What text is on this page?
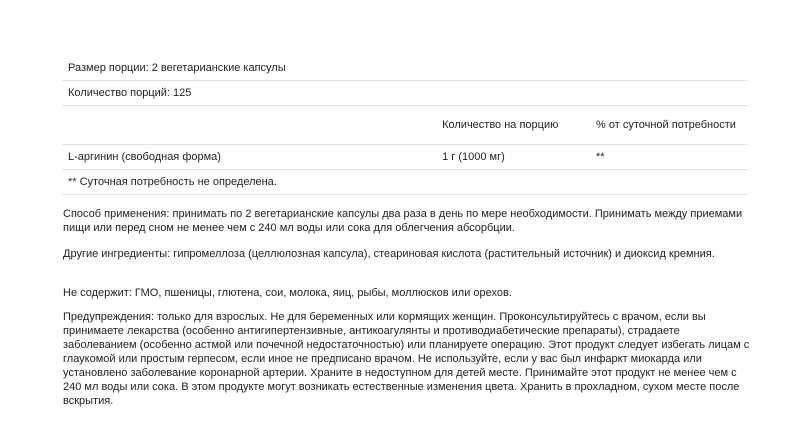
Размер порции: 2 вегетарианские капсулы		
Количество порций: 125		
	Количество на порцию	% от суточной потребности
L-аргинин (свободная форма)	1 г (1000 мг)	**
** Суточная потребность не определена.		

Способ применения: принимать по 2 вегетарианские капсулы два раза в день по мере необходимости. Принимать между приемами пищи или перед сном не менее чем с 240 мл воды или сока для облегчения абсорбции.

Другие ингредиенты: гипромеллоза (целлюлозная капсула), стеариновая кислота (растительный источник) и диоксид кремния.

Не содержит: ГМО, пшеницы, глютена, сои, молока, яиц, рыбы, моллюсков или орехов.

Предупреждения: только для взрослых. Не для беременных или кормящих женщин. Проконсультируйтесь с врачом, если вы принимаете лекарства (особенно антигипертензивные, антикоагулянты и противодиабетические препараты), страдаете заболеванием (особенно астмой или почечной недостаточностью) или планируете операцию. Этот продукт следует избегать лицам с глаукомой или простым герпесом, если иное не предписано врачом. Не используйте, если у вас был инфаркт миокарда или установлено заболевание коронарной артерии. Храните в недоступном для детей месте. Принимайте этот продукт не менее чем с 240 мл воды или сока. В этом продукте могут возникать естественные изменения цвета. Хранить в прохладном, сухом месте после вскрытия.
